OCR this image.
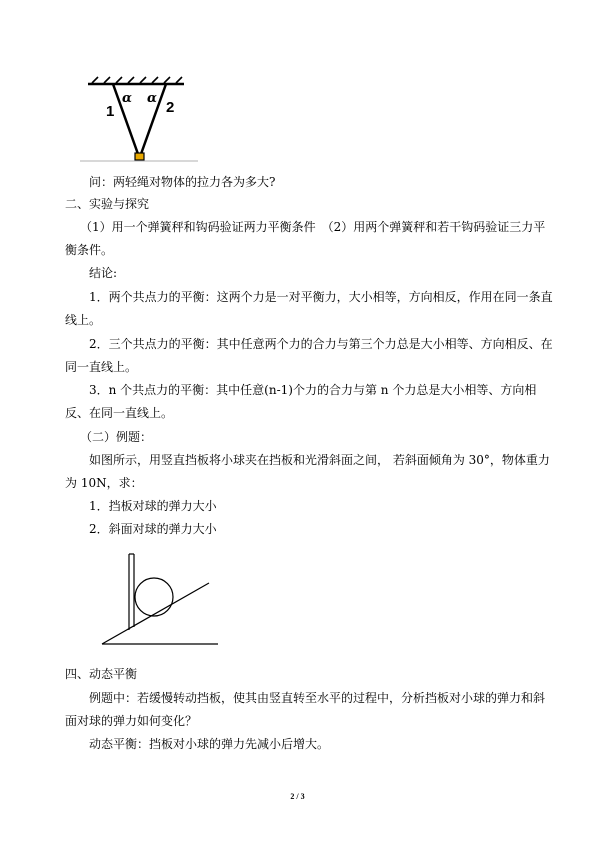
α α
1	2
问：两轻绳对物体的拉力各为多大?
二、实验与探究
（1）用一个弹簧秤和钩码验证两力平衡条件　（2）用两个弹簧秤和若干钩码验证三力平
衡条件。
结论:
1．两个共点力的平衡：这两个力是一对平衡力，大小相等，方向相反，作用在同一条直
线上。
2．三个共点力的平衡：其中任意两个力的合力与第三个力总是大小相等、方向相反、在
同一直线上。
3．n 个共点力的平衡：其中任意(n-1)个力的合力与第 n 个力总是大小相等、方向相
反、在同一直线上。
（二）例题：
如图所示，用竖直挡板将小球夹在挡板和光滑斜面之间， 若斜面倾角为 30°，物体重力
为 10N，求：
1．挡板对球的弹力大小
2．斜面对球的弹力大小
四、动态平衡
例题中：若缓慢转动挡板，使其由竖直转至水平的过程中，分析挡板对小球的弹力和斜
面对球的弹力如何变化？
动态平衡：挡板对小球的弹力先减小后增大。
2 / 3
